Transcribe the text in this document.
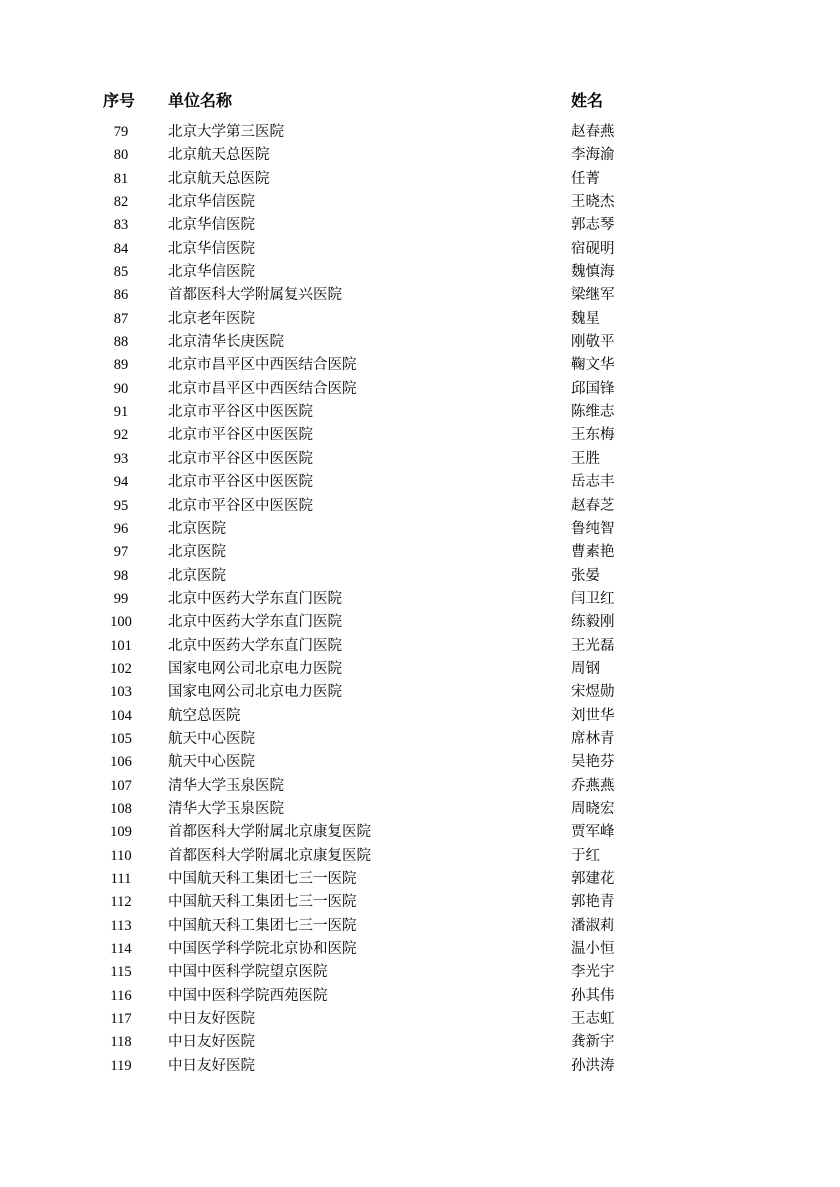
序号 单位名称	姓名
79	北京大学第三医院	赵春燕
80	北京航天总医院	李海渝
81	北京航天总医院	任菁
82	北京华信医院	王晓杰
83	北京华信医院	郭志琴
84	北京华信医院	宿砚明
85	北京华信医院	魏慎海
86	首都医科大学附属复兴医院	梁继军
87	北京老年医院	魏星
88	北京清华长庚医院	刚敬平
89	北京市昌平区中西医结合医院	鞠文华
90	北京市昌平区中西医结合医院	邱国锋
91	北京市平谷区中医医院	陈维志
92	北京市平谷区中医医院	王东梅
93	北京市平谷区中医医院	王胜
94	北京市平谷区中医医院	岳志丰
95	北京市平谷区中医医院	赵春芝
96	北京医院	鲁纯智
97	北京医院	曹素艳
98	北京医院	张晏
99	北京中医药大学东直门医院	闫卫红
100	北京中医药大学东直门医院	练毅刚
101	北京中医药大学东直门医院	王光磊
102	国家电网公司北京电力医院	周钢
103	国家电网公司北京电力医院	宋煜勋
104	航空总医院	刘世华
105	航天中心医院	席林青
106	航天中心医院	吴艳芬
107	清华大学玉泉医院	乔燕燕
108	清华大学玉泉医院	周晓宏
109	首都医科大学附属北京康复医院	贾军峰
110	首都医科大学附属北京康复医院	于红
111	中国航天科工集团七三一医院	郭建花
112	中国航天科工集团七三一医院	郭艳青
113	中国航天科工集团七三一医院	潘淑莉
114	中国医学科学院北京协和医院	温小恒
115	中国中医科学院望京医院	李光宇
116	中国中医科学院西苑医院	孙其伟
117	中日友好医院	王志虹
118	中日友好医院	龚新宇
119	中日友好医院	孙洪涛
